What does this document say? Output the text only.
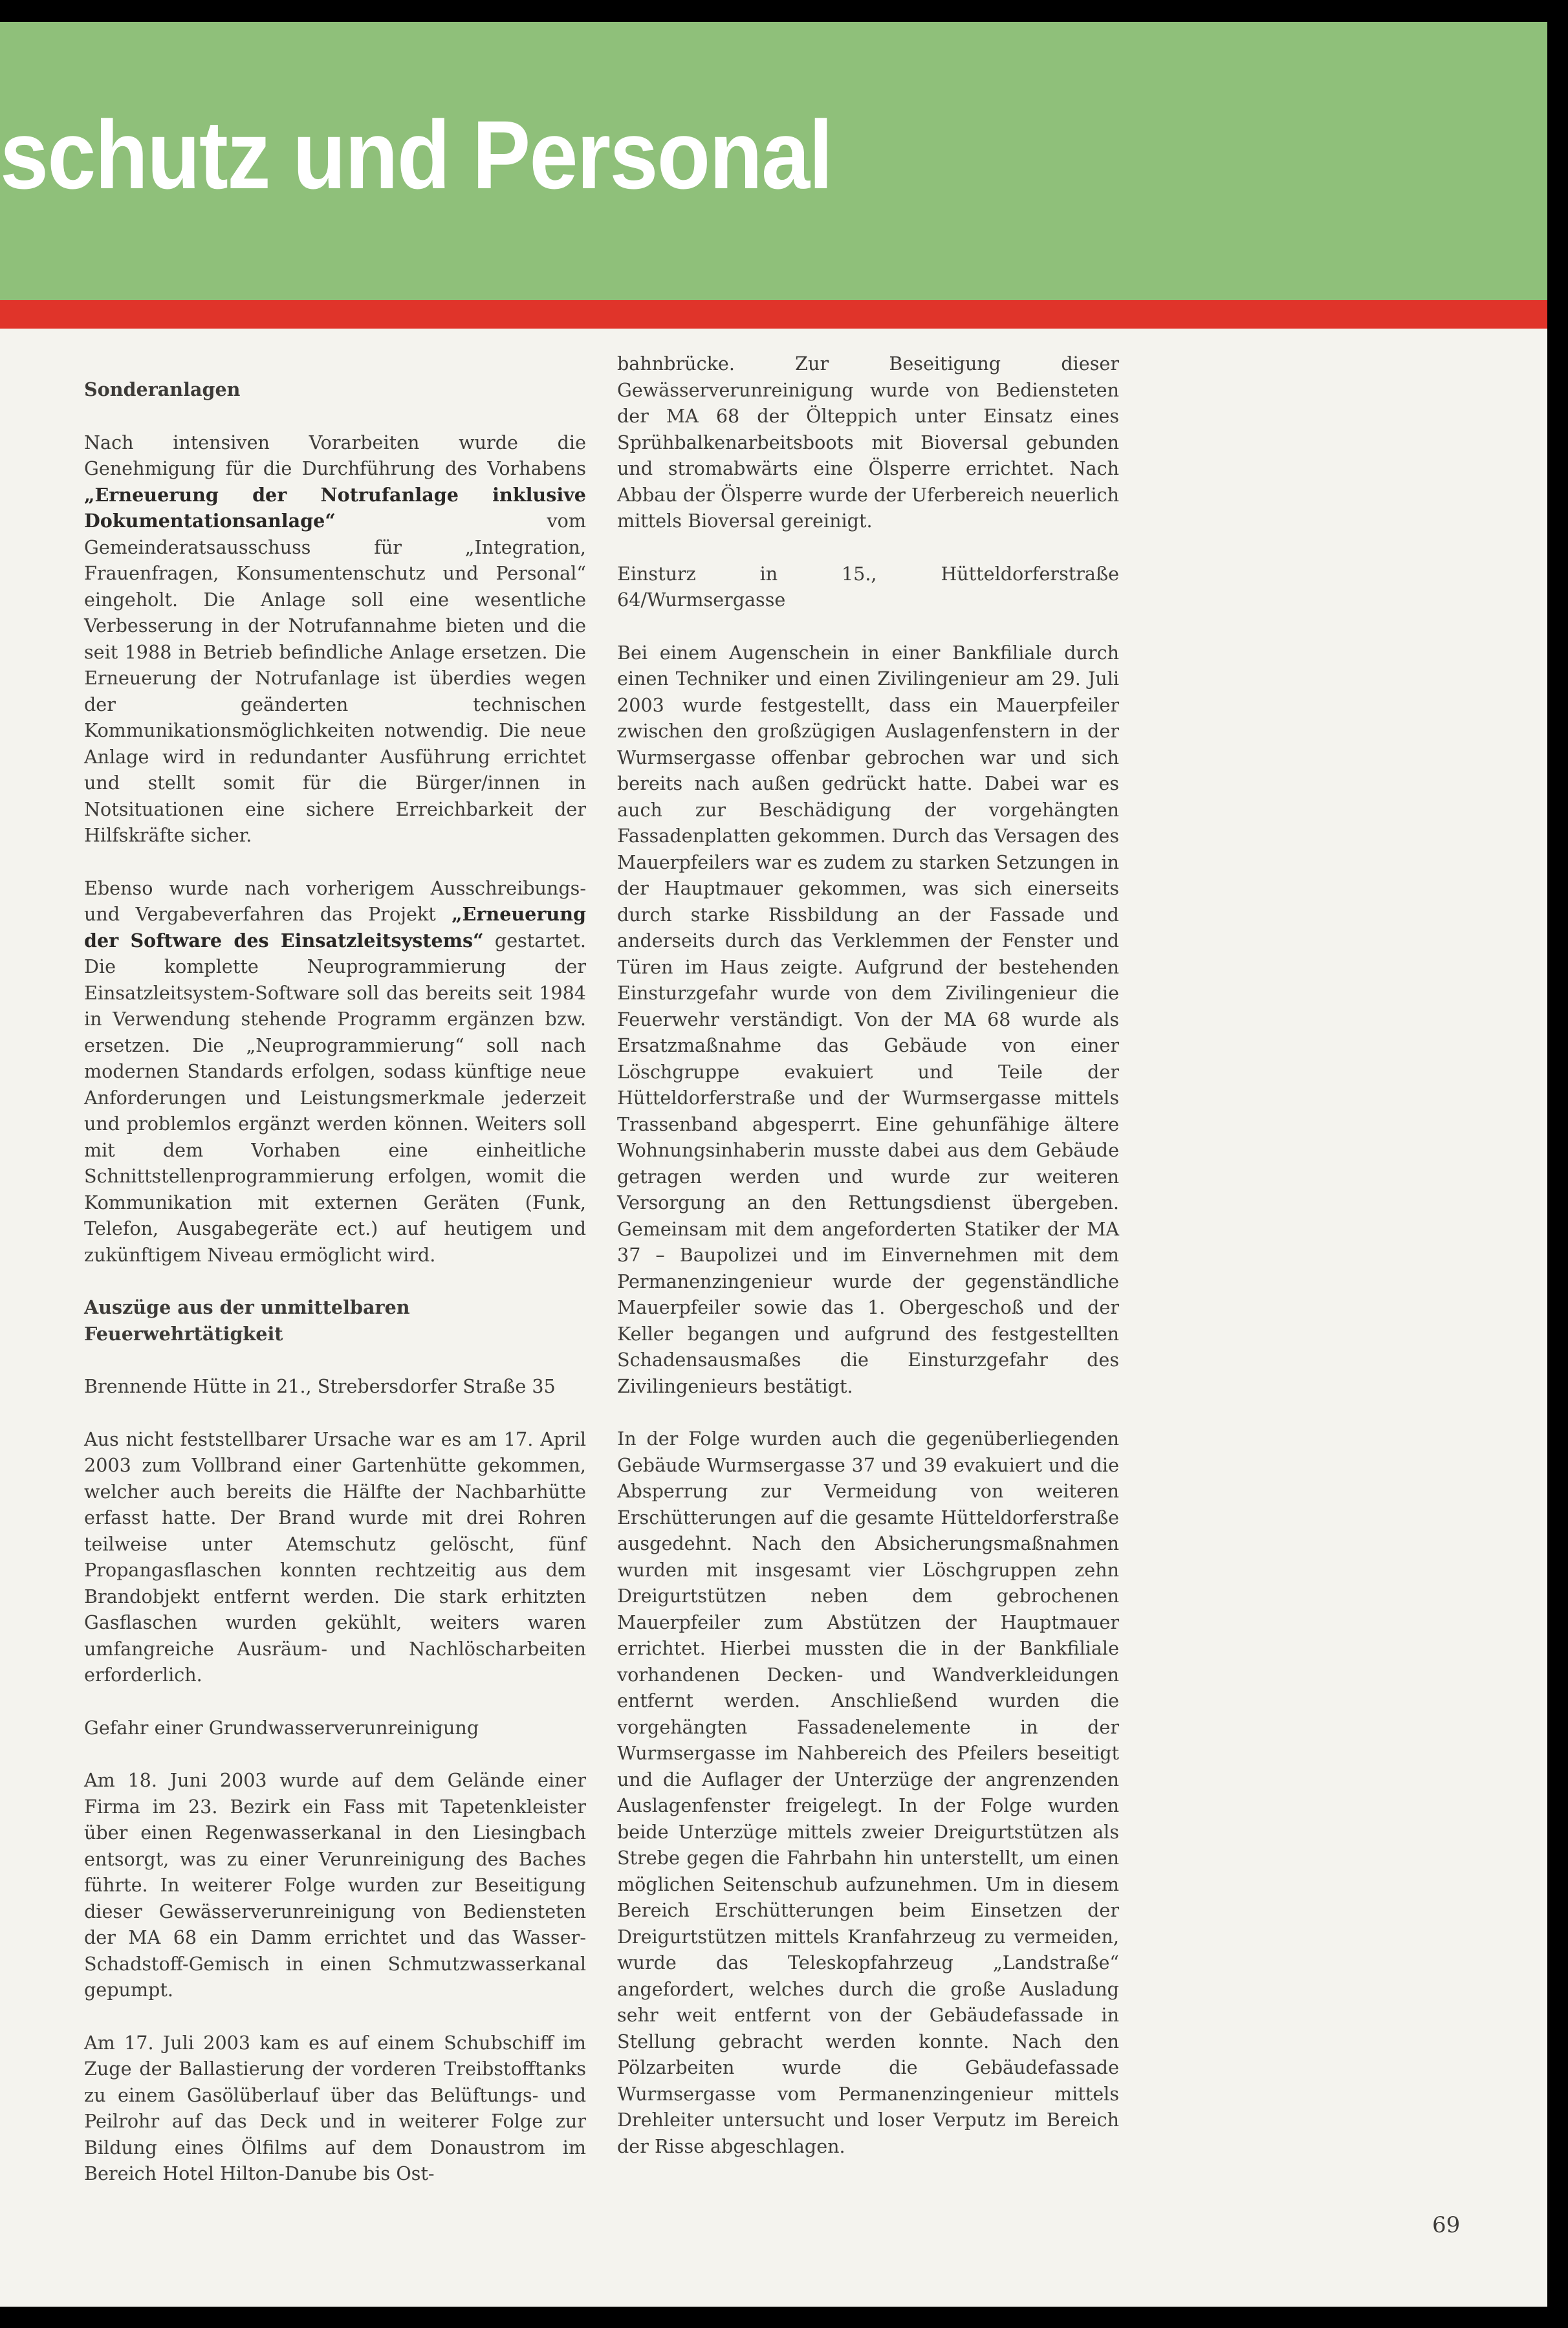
schutz und Personal

Sonderanlagen

Nach intensiven Vorarbeiten wurde die Genehmigung für die Durchführung des Vorhabens „Erneuerung der Notrufanlage inklusive Dokumentationsanlage“ vom Gemeinderatsausschuss für „Integration, Frauenfragen, Konsumentenschutz und Personal“ eingeholt. Die Anlage soll eine wesentliche Verbesserung in der Notrufannahme bieten und die seit 1988 in Betrieb befindliche Anlage ersetzen. Die Erneuerung der Notrufanlage ist überdies wegen der geänderten technischen Kommunikationsmöglichkeiten notwendig. Die neue Anlage wird in redundanter Ausführung errichtet und stellt somit für die Bürger/innen in Notsituationen eine sichere Erreichbarkeit der Hilfskräfte sicher.

Ebenso wurde nach vorherigem Ausschreibungs- und Vergabeverfahren das Projekt „Erneuerung der Software des Einsatzleitsystems“ gestartet. Die komplette Neuprogrammierung der Einsatzleitsystem-Software soll das bereits seit 1984 in Verwendung stehende Programm ergänzen bzw. ersetzen. Die „Neuprogrammierung“ soll nach modernen Standards erfolgen, sodass künftige neue Anforderungen und Leistungsmerkmale jederzeit und problemlos ergänzt werden können. Weiters soll mit dem Vorhaben eine einheitliche Schnittstellenprogrammierung erfolgen, womit die Kommunikation mit externen Geräten (Funk, Telefon, Ausgabegeräte ect.) auf heutigem und zukünftigem Niveau ermöglicht wird.

Auszüge aus der unmittelbaren Feuerwehrtätigkeit

Brennende Hütte in 21., Strebersdorfer Straße 35

Aus nicht feststellbarer Ursache war es am 17. April 2003 zum Vollbrand einer Gartenhütte gekommen, welcher auch bereits die Hälfte der Nachbarhütte erfasst hatte. Der Brand wurde mit drei Rohren teilweise unter Atemschutz gelöscht, fünf Propangasflaschen konnten rechtzeitig aus dem Brandobjekt entfernt werden. Die stark erhitzten Gasflaschen wurden gekühlt, weiters waren umfangreiche Ausräum- und Nachlöscharbeiten erforderlich.

Gefahr einer Grundwasserverunreinigung

Am 18. Juni 2003 wurde auf dem Gelände einer Firma im 23. Bezirk ein Fass mit Tapetenkleister über einen Regenwasserkanal in den Liesingbach entsorgt, was zu einer Verunreinigung des Baches führte. In weiterer Folge wurden zur Beseitigung dieser Gewässerverunreinigung von Bediensteten der MA 68 ein Damm errichtet und das Wasser-Schadstoff-Gemisch in einen Schmutzwasserkanal gepumpt.

Am 17. Juli 2003 kam es auf einem Schubschiff im Zuge der Ballastierung der vorderen Treibstofftanks zu einem Gasölüberlauf über das Belüftungs- und Peilrohr auf das Deck und in weiterer Folge zur Bildung eines Ölfilms auf dem Donaustrom im Bereich Hotel Hilton-Danube bis Ost-

bahnbrücke. Zur Beseitigung dieser Gewässerverunreinigung wurde von Bediensteten der MA 68 der Ölteppich unter Einsatz eines Sprühbalkenarbeitsboots mit Bioversal gebunden und stromabwärts eine Ölsperre errichtet. Nach Abbau der Ölsperre wurde der Uferbereich neuerlich mittels Bioversal gereinigt.

Einsturz in 15., Hütteldorferstraße 64/Wurmsergasse

Bei einem Augenschein in einer Bankfiliale durch einen Techniker und einen Zivilingenieur am 29. Juli 2003 wurde festgestellt, dass ein Mauerpfeiler zwischen den großzügigen Auslagenfenstern in der Wurmsergasse offenbar gebrochen war und sich bereits nach außen gedrückt hatte. Dabei war es auch zur Beschädigung der vorgehängten Fassadenplatten gekommen. Durch das Versagen des Mauerpfeilers war es zudem zu starken Setzungen in der Hauptmauer gekommen, was sich einerseits durch starke Rissbildung an der Fassade und anderseits durch das Verklemmen der Fenster und Türen im Haus zeigte. Aufgrund der bestehenden Einsturzgefahr wurde von dem Zivilingenieur die Feuerwehr verständigt. Von der MA 68 wurde als Ersatzmaßnahme das Gebäude von einer Löschgruppe evakuiert und Teile der Hütteldorferstraße und der Wurmsergasse mittels Trassenband abgesperrt. Eine gehunfähige ältere Wohnungsinhaberin musste dabei aus dem Gebäude getragen werden und wurde zur weiteren Versorgung an den Rettungsdienst übergeben. Gemeinsam mit dem angeforderten Statiker der MA 37 – Baupolizei und im Einvernehmen mit dem Permanenzingenieur wurde der gegenständliche Mauerpfeiler sowie das 1. Obergeschoß und der Keller begangen und aufgrund des festgestellten Schadensausmaßes die Einsturzgefahr des Zivilingenieurs bestätigt.

In der Folge wurden auch die gegenüberliegenden Gebäude Wurmsergasse 37 und 39 evakuiert und die Absperrung zur Vermeidung von weiteren Erschütterungen auf die gesamte Hütteldorferstraße ausgedehnt. Nach den Absicherungsmaßnahmen wurden mit insgesamt vier Löschgruppen zehn Dreigurtstützen neben dem gebrochenen Mauerpfeiler zum Abstützen der Hauptmauer errichtet. Hierbei mussten die in der Bankfiliale vorhandenen Decken- und Wandverkleidungen entfernt werden. Anschließend wurden die vorgehängten Fassadenelemente in der Wurmsergasse im Nahbereich des Pfeilers beseitigt und die Auflager der Unterzüge der angrenzenden Auslagenfenster freigelegt. In der Folge wurden beide Unterzüge mittels zweier Dreigurtstützen als Strebe gegen die Fahrbahn hin unterstellt, um einen möglichen Seitenschub aufzunehmen. Um in diesem Bereich Erschütterungen beim Einsetzen der Dreigurtstützen mittels Kranfahrzeug zu vermeiden, wurde das Teleskopfahrzeug „Landstraße“ angefordert, welches durch die große Ausladung sehr weit entfernt von der Gebäudefassade in Stellung gebracht werden konnte. Nach den Pölzarbeiten wurde die Gebäudefassade Wurmsergasse vom Permanenzingenieur mittels Drehleiter untersucht und loser Verputz im Bereich der Risse abgeschlagen.

69
